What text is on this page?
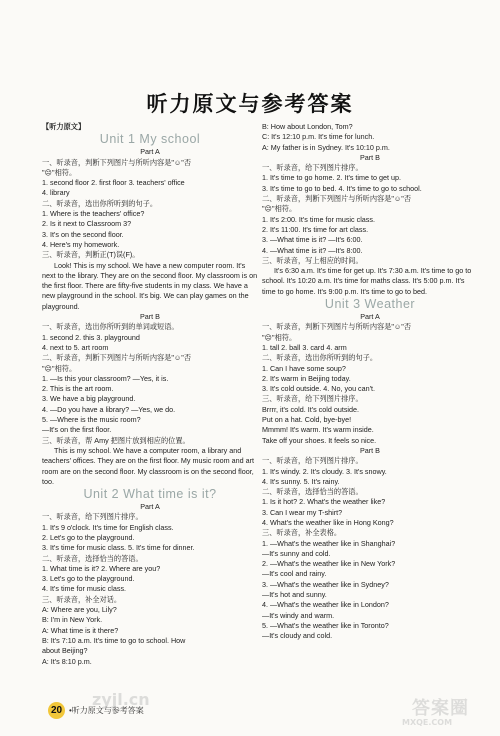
听力原文与参考答案
【听力原文】
Unit 1 My school
Part A
一、听录音，判断下列图片与所听内容是"☺"否
"☹"相符。
1. second floor 2. first floor 3. teachers' office
4. library
二、听录音，选出你所听到的句子。
1. Where is the teachers' office?
2. Is it next to Classroom 3?
3. It's on the second floor.
4. Here's my homework.
三、听录音，判断正(T)误(F)。
Look! This is my school. We have a new computer room. It's next to the library. They are on the second floor. My classroom is on the first floor. There are fifty-five students in my class. We have a new playground in the school. It's big. We can play games on the playground.
Part B
一、听录音，选出你所听到的单词或短语。
1. second 2. this 3. playground
4. next to 5. art room
二、听录音，判断下列图片与所听内容是"☺"否
"☹"相符。
1. —Is this your classroom? —Yes, it is.
2. This is the art room.
3. We have a big playground.
4. —Do you have a library? —Yes, we do.
5. —Where is the music room?
—It's on the first floor.
三、听录音，帮 Amy 把图片放到相应的位置。
This is my school. We have a computer room, a library and teachers' offices. They are on the first floor. My music room and art room are on the second floor. My classroom is on the second floor, too.
Unit 2 What time is it?
Part A
一、听录音，给下列图片排序。
1. It's 9 o'clock. It's time for English class.
2. Let's go to the playground.
3. It's time for music class. 5. It's time for dinner.
二、听录音，选择恰当的答语。
1. What time is it? 2. Where are you?
3. Let's go to the playground.
4. It's time for music class.
三、听录音，补全对话。
A: Where are you, Lily?
B: I'm in New York.
A: What time is it there?
B: It's 7:10 a.m. It's time to go to school. How
about Beijing?
A: It's 8:10 p.m.
B: How about London, Tom?
C: It's 12:10 p.m. It's time for lunch.
A: My father is in Sydney. It's 10:10 p.m.
Part B
一、听录音，给下列图片排序。
1. It's time to go home. 2. It's time to get up.
3. It's time to go to bed. 4. It's time to go to school.
二、听录音，判断下列图片与所听内容是"☺"否
"☹"相符。
1. It's 2:00. It's time for music class.
2. It's 11:00. It's time for art class.
3. —What time is it? —It's 6:00.
4. —What time is it? —It's 8:00.
三、听录音，写上相应的时间。
It's 6:30 a.m. It's time for get up. It's 7:30 a.m. It's time to go to school. It's 10:20 a.m. It's time for maths class. It's 5:00 p.m. It's time to go home. It's 9:00 p.m. It's time to go to bed.
Unit 3 Weather
Part A
一、听录音，判断下列图片与所听内容是"☺"否
"☹"相符。
1. tall 2. ball 3. card 4. arm
二、听录音，选出你所听到的句子。
1. Can I have some soup?
2. It's warm in Beijing today.
3. It's cold outside. 4. No, you can't.
三、听录音，给下列图片排序。
Brrrr, it's cold. It's cold outside.
Put on a hat. Cold, bye-bye!
Mmmm! It's warm. It's warm inside.
Take off your shoes. It feels so nice.
Part B
一、听录音，给下列图片排序。
1. It's windy. 2. It's cloudy. 3. It's snowy.
4. It's sunny. 5. It's rainy.
二、听录音，选择恰当的答语。
1. Is it hot? 2. What's the weather like?
3. Can I wear my T-shirt?
4. What's the weather like in Hong Kong?
三、听录音，补全表格。
1. —What's the weather like in Shanghai?
—It's sunny and cold.
2. —What's the weather like in New York?
—It's cool and rainy.
3. —What's the weather like in Sydney?
—It's hot and sunny.
4. —What's the weather like in London?
—It's windy and warm.
5. —What's the weather like in Toronto?
—It's cloudy and cold.
20 •听力原文与参考答案
zyjl.cn	答案圈
MXQE.COM
